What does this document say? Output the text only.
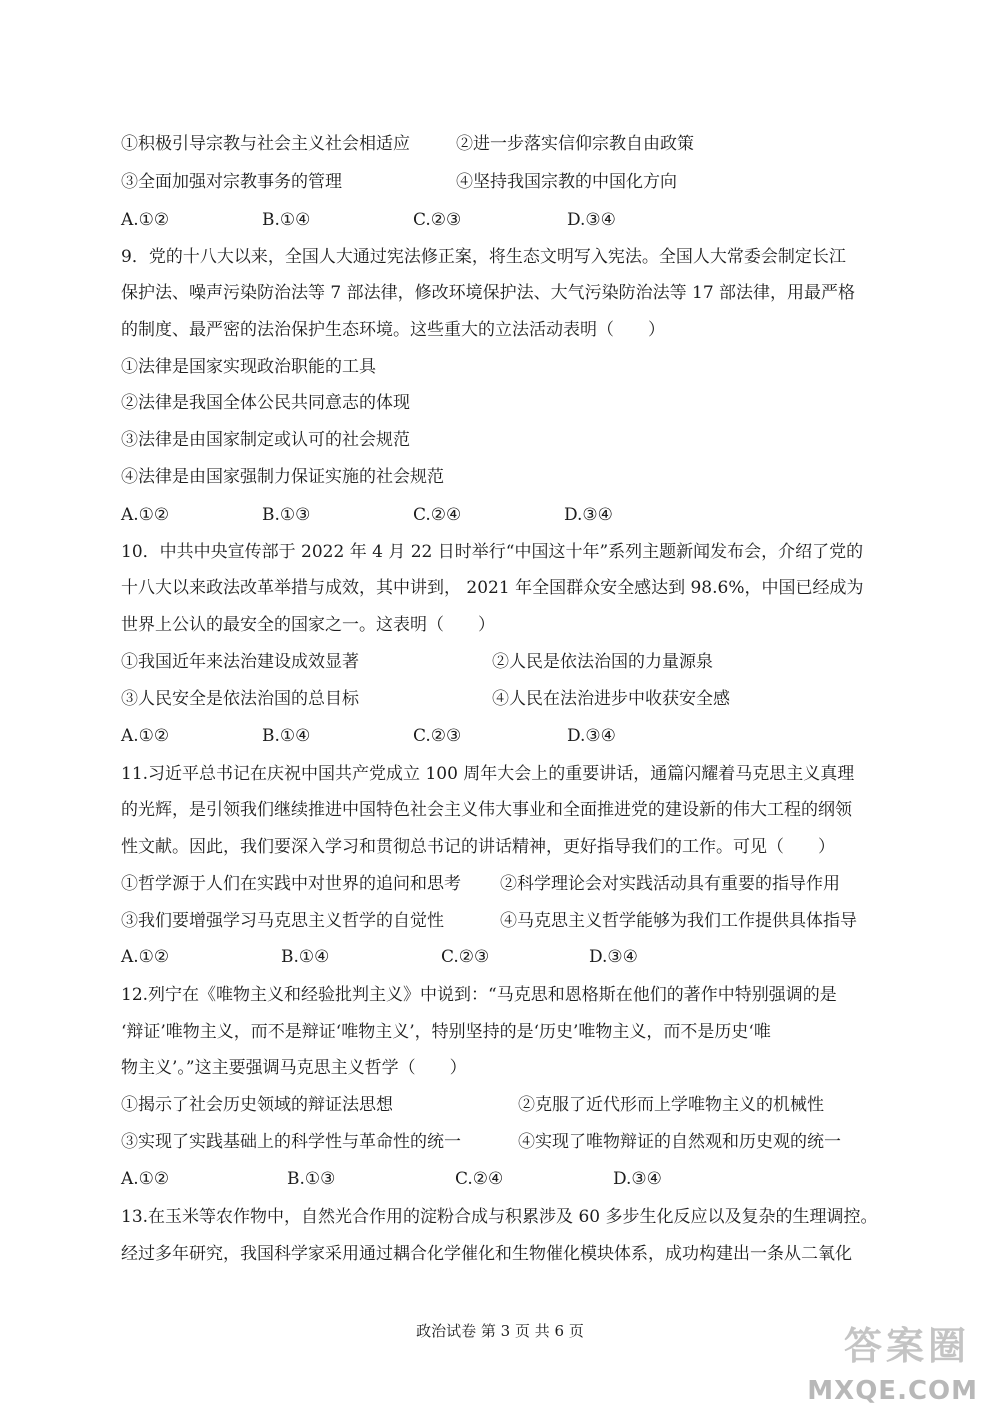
①积极引导宗教与社会主义社会相适应	②进一步落实信仰宗教自由政策
③全面加强对宗教事务的管理	④坚持我国宗教的中国化方向
A.①②	B.①④	C.②③	D.③④
9．党的十八大以来，全国人大通过宪法修正案，将生态文明写入宪法。全国人大常委会制定长江
保护法、噪声污染防治法等 7 部法律，修改环境保护法、大气污染防治法等 17 部法律，用最严格
的制度、最严密的法治保护生态环境。这些重大的立法活动表明（　　）
①法律是国家实现政治职能的工具
②法律是我国全体公民共同意志的体现
③法律是由国家制定或认可的社会规范
④法律是由国家强制力保证实施的社会规范
A.①②	B.①③	C.②④	D.③④
10．中共中央宣传部于 2022 年 4 月 22 日时举行“中国这十年”系列主题新闻发布会，介绍了党的
十八大以来政法改革举措与成效，其中讲到， 2021 年全国群众安全感达到 98.6%，中国已经成为
世界上公认的最安全的国家之一。这表明（　　）
①我国近年来法治建设成效显著	②人民是依法治国的力量源泉
③人民安全是依法治国的总目标	④人民在法治进步中收获安全感
A.①②	B.①④	C.②③	D.③④
11.习近平总书记在庆祝中国共产党成立 100 周年大会上的重要讲话，通篇闪耀着马克思主义真理
的光辉，是引领我们继续推进中国特色社会主义伟大事业和全面推进党的建设新的伟大工程的纲领
性文献。因此，我们要深入学习和贯彻总书记的讲话精神，更好指导我们的工作。可见（　　）
①哲学源于人们在实践中对世界的追问和思考 ②科学理论会对实践活动具有重要的指导作用
③我们要增强学习马克思主义哲学的自觉性	④马克思主义哲学能够为我们工作提供具体指导
A.①②	B.①④	C.②③	D.③④
12.列宁在《唯物主义和经验批判主义》中说到：“马克思和恩格斯在他们的著作中特别强调的是
‘辩证’唯物主义，而不是辩证‘唯物主义’，特别坚持的是‘历史’唯物主义，而不是历史‘唯
物主义’。”这主要强调马克思主义哲学（　　）
①揭示了社会历史领域的辩证法思想	②克服了近代形而上学唯物主义的机械性
③实现了实践基础上的科学性与革命性的统一	④实现了唯物辩证的自然观和历史观的统一
A.①②	B.①③	C.②④	D.③④
13.在玉米等农作物中，自然光合作用的淀粉合成与积累涉及 60 多步生化反应以及复杂的生理调控。
经过多年研究，我国科学家采用通过耦合化学催化和生物催化模块体系，成功构建出一条从二氧化
政治试卷 第 3 页 共 6 页	答案圈
MXQE.COM
